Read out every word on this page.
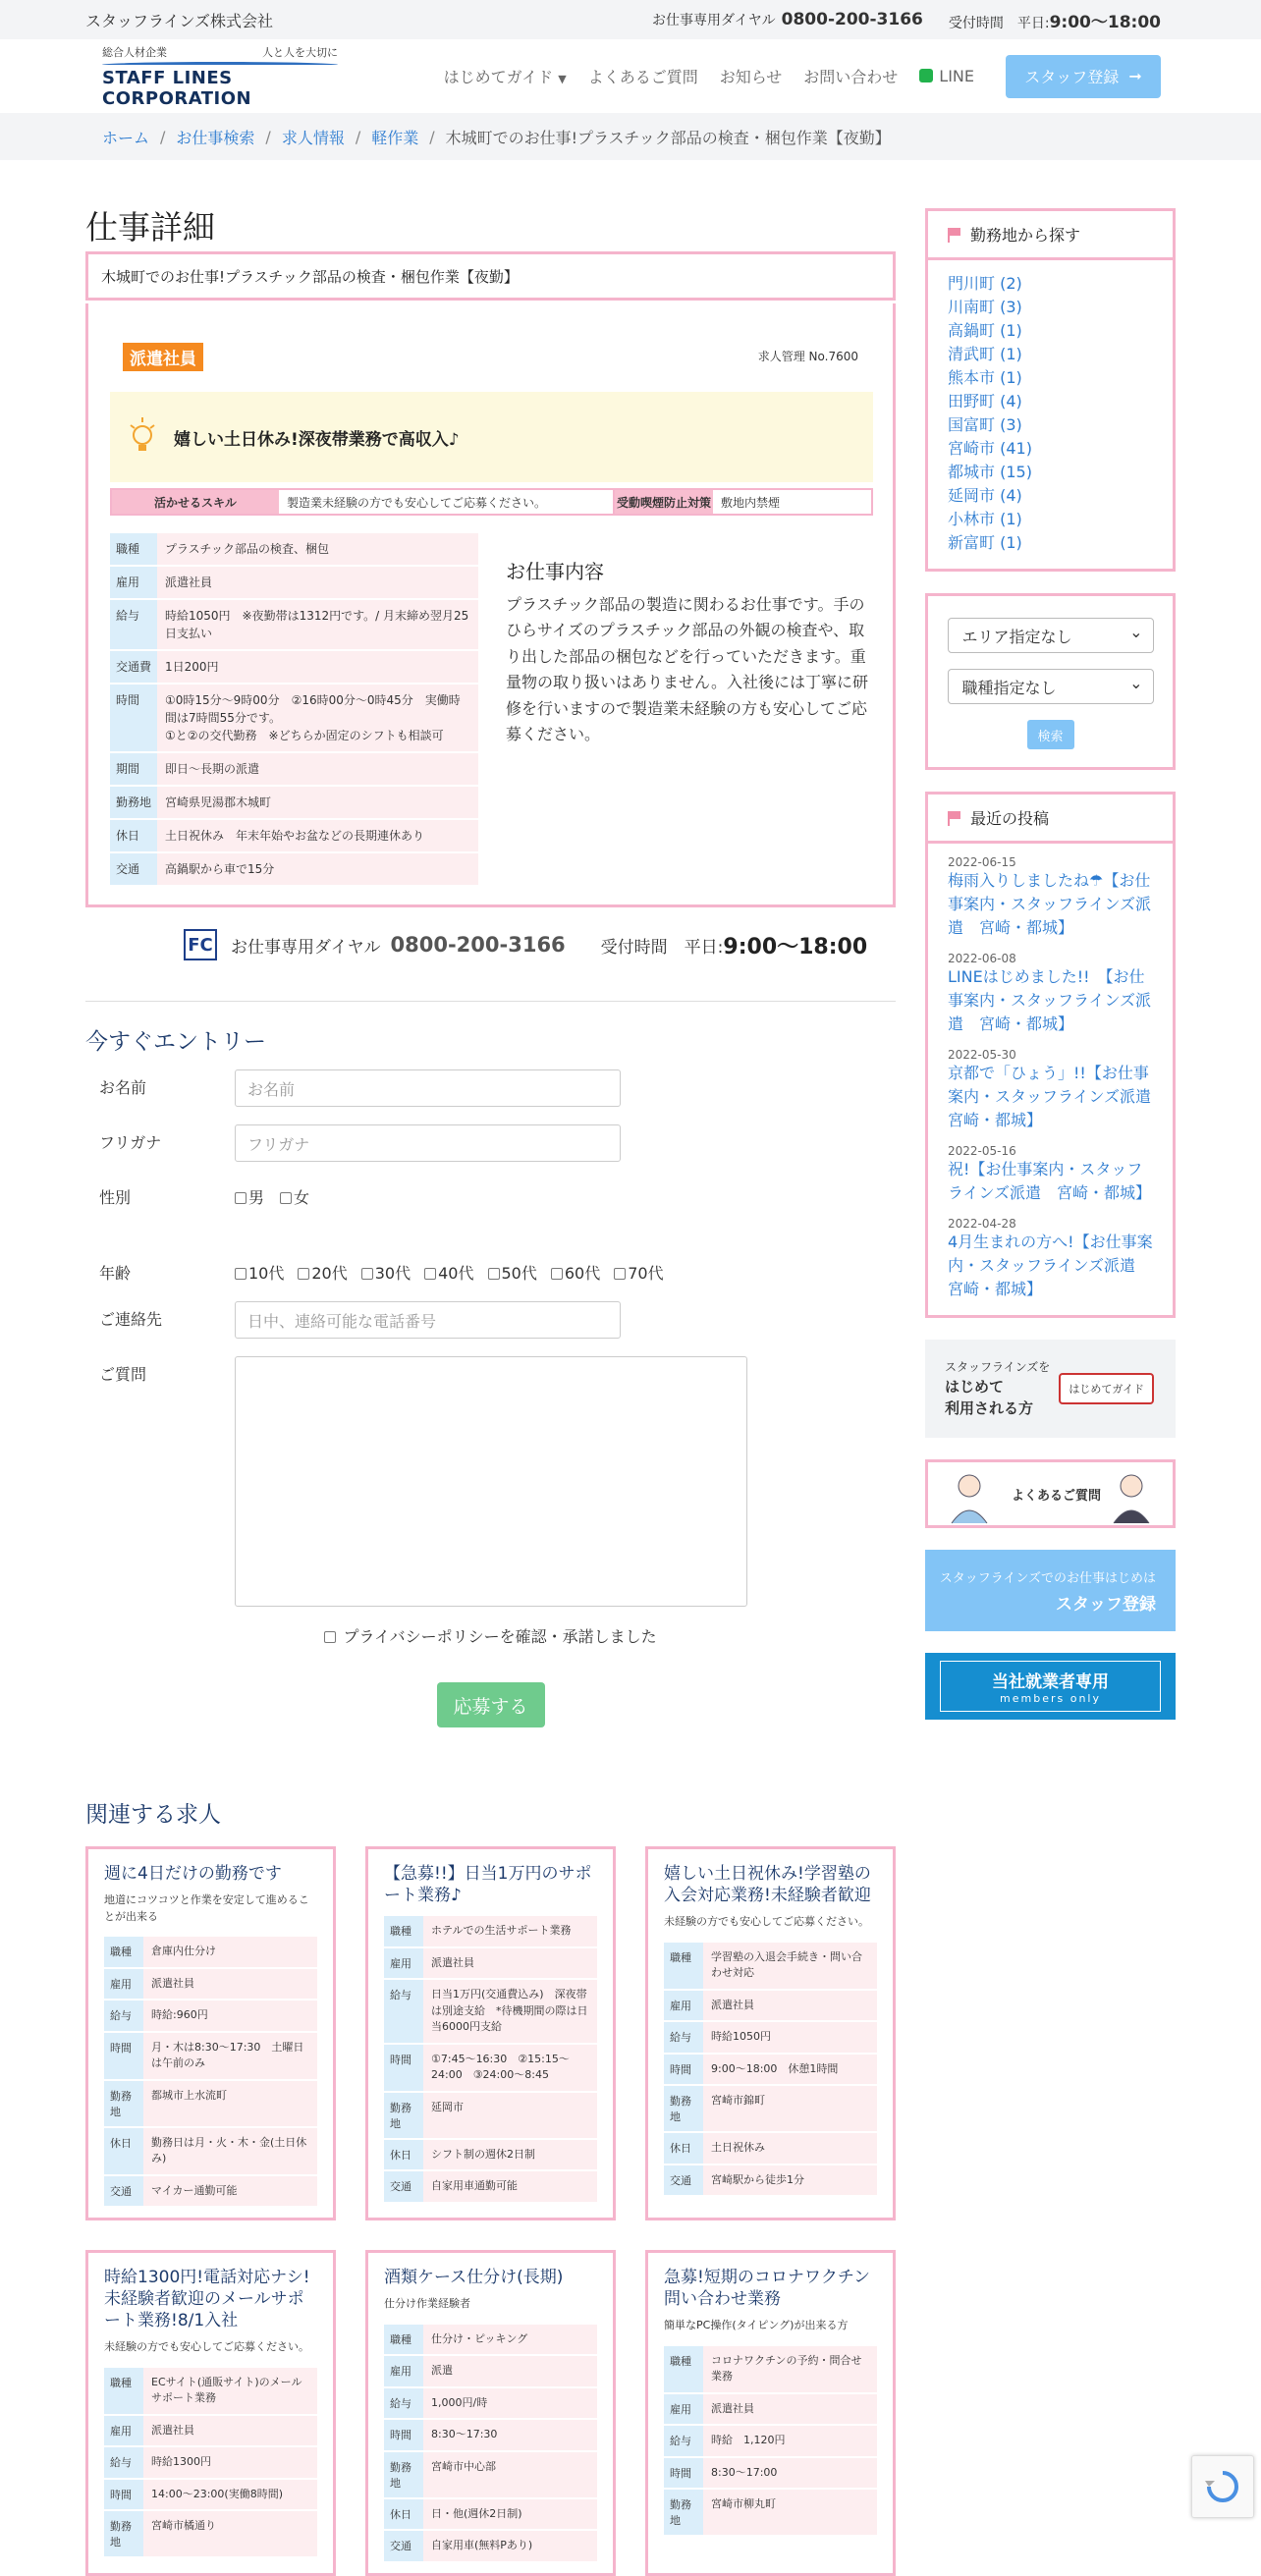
スタッフラインズ株式会社	お仕事専用ダイヤル 0800-200-3166 受付時間　 平日:9:00〜18:00
総合人材企業	人と人を大切に
STAFF LINES CORPORATION
はじめてガイド ▼ よくあるご質問 お知らせ お問い合わせ	LINE	スタッフ登録
➞
ホーム / お仕事検索 / 求人情報 / 軽作業 / 木城町でのお仕事!プラスチック部品の検査・梱包作業【夜勤】
仕事詳細
木城町でのお仕事!プラスチック部品の検査・梱包作業【夜勤】
派遣社員	求人管理 No.7600
嬉しい土日休み!深夜帯業務で高収入♪
活かせるスキル	製造業未経験の方でも安心してご応募ください。	受動喫煙防止対策 敷地内禁煙
職種	プラスチック部品の検査、梱包
雇用	派遣社員
給与	時給1050円　※夜勤帯は1312円です。/ 月末締め翌月25日支払い
交通費	1日200円
時間	①0時15分〜9時00分　②16時00分〜0時45分　実働時間は7時間55分です。
①と②の交代勤務　※どちらか固定のシフトも相談可
期間	即日〜長期の派遣
勤務地	宮崎県児湯郡木城町
休日	土日祝休み　年末年始やお盆などの長期連休あり
交通	高鍋駅から車で15分
お仕事内容

プラスチック部品の製造に関わるお仕事です。手のひらサイズのプラスチック部品の外観の検査や、取り出した部品の梱包などを行っていただきます。重量物の取り扱いはありません。入社後には丁寧に研修を行いますので製造業未経験の方も安心してご応募ください。

FC お仕事専用ダイヤル 0800-200-3166 受付時間　平日: 9:00〜18:00
今すぐエントリー
お名前	お名前
フリガナ	フリガナ
性別	男	女
年齢	10代	20代	30代	40代	50代	60代	70代
ご連絡先	日中、連絡可能な電話番号
ご質問
プライバシーポリシーを確認・承諾しました
応募する
関連する求人
週に4日だけの勤務です
地道にコツコツと作業を安定して進めることが出来る
職種	倉庫内仕分け
雇用	派遣社員
給与	時給:960円
時間	月・木は8:30〜17:30　土曜日は午前のみ
勤務地	都城市上水流町
休日	勤務日は月・火・木・金(土日休み)
交通	マイカー通勤可能
【急募!!】日当1万円のサポート業務♪
職種	ホテルでの生活サポート業務
雇用	派遣社員
給与	日当1万円(交通費込み)　深夜帯は別途支給　*待機期間の際は日当6000円支給
時間	①7:45〜16:30　②15:15〜24:00　③24:00〜8:45
勤務地	延岡市
休日	シフト制の週休2日制
交通	自家用車通勤可能
嬉しい土日祝休み!学習塾の入会対応業務!未経験者歓迎
未経験の方でも安心してご応募ください。
職種	学習塾の入退会手続き・問い合わせ対応
雇用	派遣社員
給与	時給1050円
時間	9:00〜18:00　休憩1時間
勤務地	宮崎市錦町
休日	土日祝休み
交通	宮崎駅から徒歩1分
時給1300円!電話対応ナシ!未経験者歓迎のメールサポート業務!8/1入社
未経験の方でも安心してご応募ください。
職種	ECサイト(通販サイト)のメールサポート業務
雇用	派遣社員
給与	時給1300円
時間	14:00〜23:00(実働8時間)
勤務地	宮崎市橘通り
酒類ケース仕分け(長期)
仕分け作業経験者
職種	仕分け・ピッキング
雇用	派遣
給与	1,000円/時
時間	8:30〜17:30
勤務地	宮崎市中心部
休日	日・他(週休2日制)
交通	自家用車(無料Pあり)
急募!短期のコロナワクチン問い合わせ業務
簡単なPC操作(タイピング)が出来る方
職種	コロナワクチンの予約・問合せ業務
雇用	派遣社員
給与	時給　1,120円
時間	8:30〜17:00
勤務地	宮崎市柳丸町
勤務地から探す
門川町 (2)
川南町 (3)
高鍋町 (1)
清武町 (1)
熊本市 (1)
田野町 (4)
国富町 (3)
宮崎市 (41)
都城市 (15)
延岡市 (4)
小林市 (1)
新富町 (1)
エリア指定なし ⌄
職種指定なし ⌄
検索
最近の投稿
2022-06-15
梅雨入りしましたね☂【お仕事案内・スタッフラインズ派遣　宮崎・都城】
2022-06-08
LINEはじめました!!　【お仕事案内・スタッフラインズ派遣　宮崎・都城】
2022-05-30
京都で「ひょう」!!【お仕事案内・スタッフラインズ派遣　宮崎・都城】
2022-05-16
祝!【お仕事案内・スタッフラインズ派遣　宮崎・都城】
2022-04-28
4月生まれの方へ!【お仕事案内・スタッフラインズ派遣　宮崎・都城】
スタッフラインズを
はじめて
利用される方
はじめてガイド
よくあるご質問
スタッフラインズでのお仕事はじめは
スタッフ登録
当社就業者専用
members only
